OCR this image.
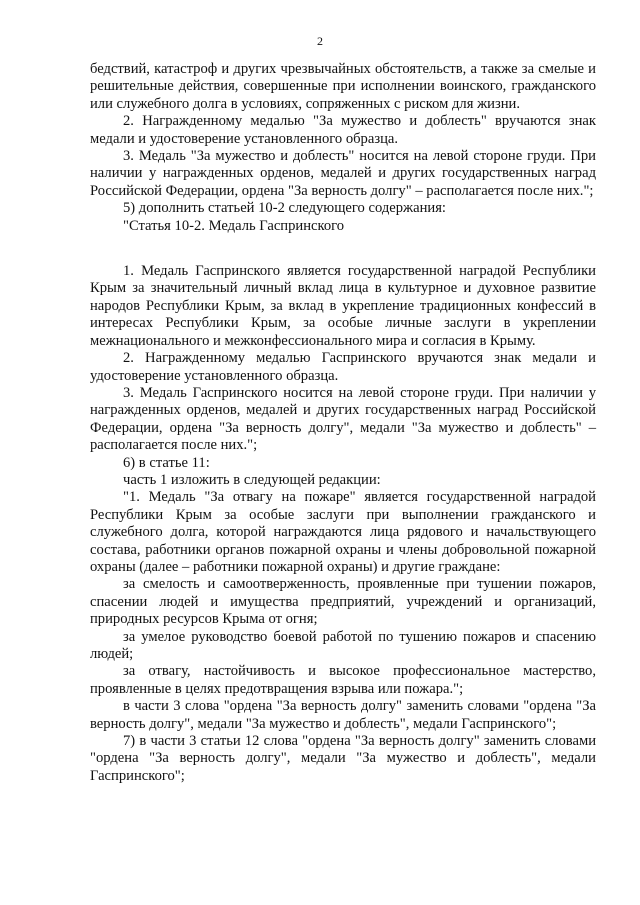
2

бедствий, катастроф и других чрезвычайных обстоятельств, а также за смелые и решительные действия, совершенные при исполнении воинского, гражданского или служебного долга в условиях, сопряженных с риском для жизни.

2. Награжденному медалью "За мужество и доблесть" вручаются знак медали и удостоверение установленного образца.

3. Медаль "За мужество и доблесть" носится на левой стороне груди. При наличии у награжденных орденов, медалей и других государственных наград Российской Федерации, ордена "За верность долгу" – располагается после них.";

5) дополнить статьей 10-2 следующего содержания:

"Статья 10-2. Медаль Гаспринского

1. Медаль Гаспринского является государственной наградой Республики Крым за значительный личный вклад лица в культурное и духовное развитие народов Республики Крым, за вклад в укрепление традиционных конфессий в интересах Республики Крым, за особые личные заслуги в укреплении межнационального и межконфессионального мира и согласия в Крыму.

2. Награжденному медалью Гаспринского вручаются знак медали и удостоверение установленного образца.

3. Медаль Гаспринского носится на левой стороне груди. При наличии у награжденных орденов, медалей и других государственных наград Российской Федерации, ордена "За верность долгу", медали "За мужество и доблесть" – располагается после них.";

6) в статье 11:

часть 1 изложить в следующей редакции:

"1. Медаль "За отвагу на пожаре" является государственной наградой Республики Крым за особые заслуги при выполнении гражданского и служебного долга, которой награждаются лица рядового и начальствующего состава, работники органов пожарной охраны и члены добровольной пожарной охраны (далее – работники пожарной охраны) и другие граждане:

за смелость и самоотверженность, проявленные при тушении пожаров, спасении людей и имущества предприятий, учреждений и организаций, природных ресурсов Крыма от огня;

за умелое руководство боевой работой по тушению пожаров и спасению людей;

за отвагу, настойчивость и высокое профессиональное мастерство, проявленные в целях предотвращения взрыва или пожара.";

в части 3 слова "ордена "За верность долгу" заменить словами "ордена "За верность долгу", медали "За мужество и доблесть", медали Гаспринского";

7) в части 3 статьи 12 слова "ордена "За верность долгу" заменить словами "ордена "За верность долгу", медали "За мужество и доблесть", медали Гаспринского";
